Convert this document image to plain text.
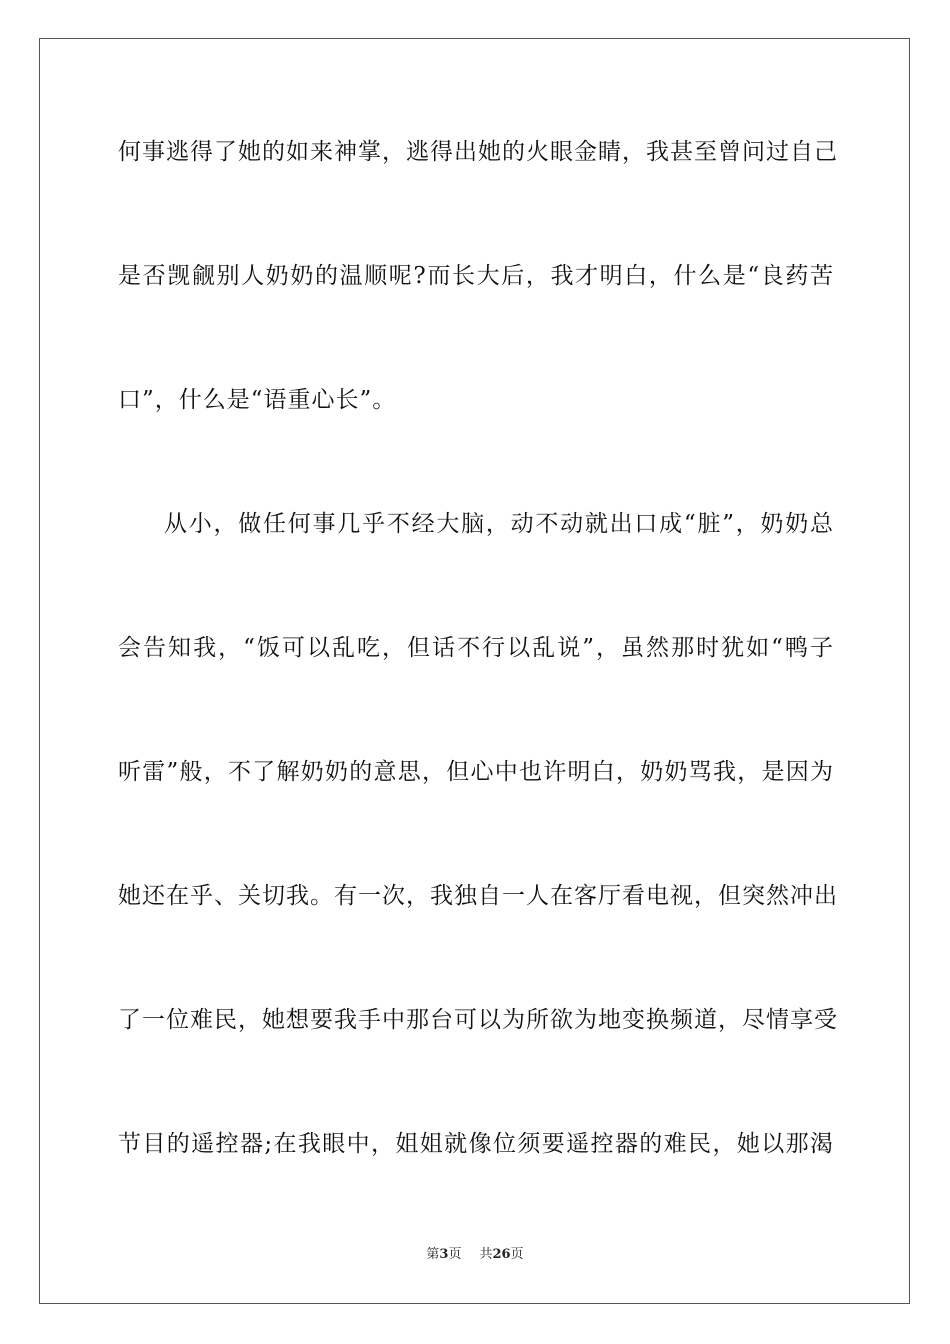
何事逃得了她的如来神掌，逃得出她的火眼金睛，我甚至曾问过自己
是否觊觎别人奶奶的温顺呢?而长大后，我才明白，什么是“良药苦
口”，什么是“语重心长”。
从小，做任何事几乎不经大脑，动不动就出口成“脏”，奶奶总
会告知我，“饭可以乱吃，但话不行以乱说”，虽然那时犹如“鸭子
听雷”般，不了解奶奶的意思，但心中也许明白，奶奶骂我，是因为
她还在乎、关切我。有一次，我独自一人在客厅看电视，但突然冲出
了一位难民，她想要我手中那台可以为所欲为地变换频道，尽情享受
节目的遥控器;在我眼中，姐姐就像位须要遥控器的难民，她以那渴
第3页 共26页
